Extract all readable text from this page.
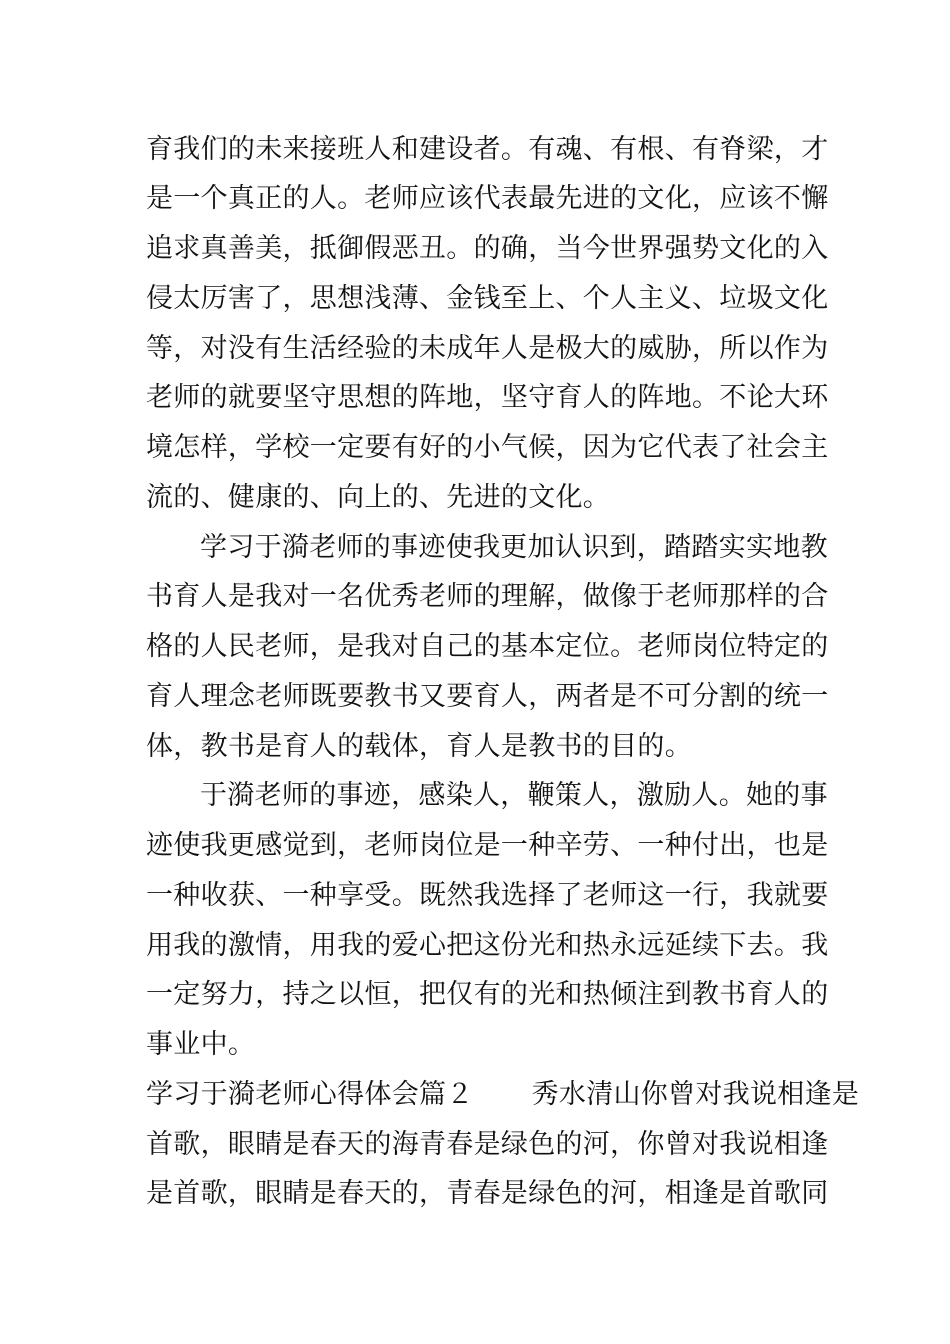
育我们的未来接班人和建设者。有魂、有根、有脊梁，才
是一个真正的人。老师应该代表最先进的文化，应该不懈
追求真善美，抵御假恶丑。的确，当今世界强势文化的入
侵太厉害了，思想浅薄、金钱至上、个人主义、垃圾文化
等，对没有生活经验的未成年人是极大的威胁，所以作为
老师的就要坚守思想的阵地，坚守育人的阵地。不论大环
境怎样，学校一定要有好的小气候，因为它代表了社会主
流的、健康的、向上的、先进的文化。
学习于漪老师的事迹使我更加认识到，踏踏实实地教
书育人是我对一名优秀老师的理解，做像于老师那样的合
格的人民老师，是我对自己的基本定位。老师岗位特定的
育人理念老师既要教书又要育人，两者是不可分割的统一
体，教书是育人的载体，育人是教书的目的。
于漪老师的事迹，感染人，鞭策人，激励人。她的事
迹使我更感觉到，老师岗位是一种辛劳、一种付出，也是
一种收获、一种享受。既然我选择了老师这一行，我就要
用我的激情，用我的爱心把这份光和热永远延续下去。我
一定努力，持之以恒，把仅有的光和热倾注到教书育人的
事业中。
学习于漪老师心得体会篇２ 秀水清山你曾对我说相逢是
首歌，眼睛是春天的海青春是绿色的河，你曾对我说相逢
是首歌，眼睛是春天的，青春是绿色的河，相逢是首歌同
